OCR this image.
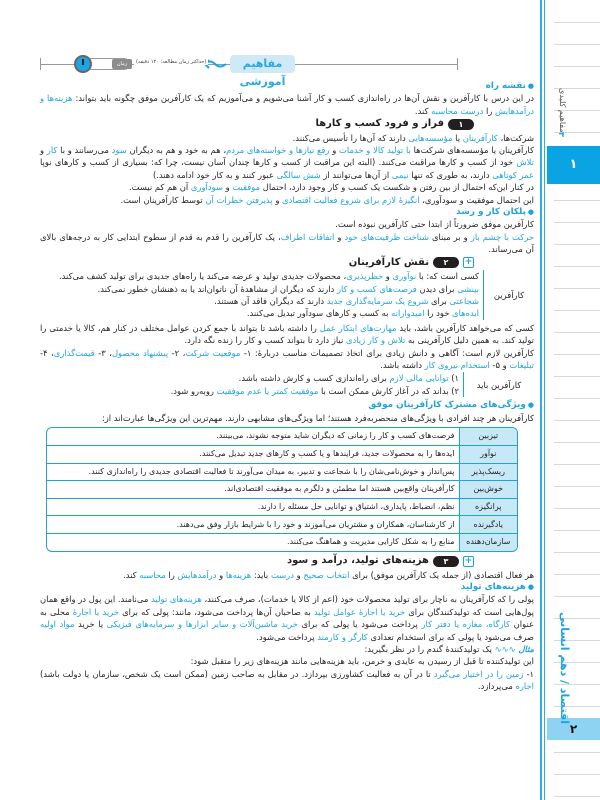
۱
۲
مفاهیم کلیدی
۳
اقتصاد / دهم انسانی
مفاهیم آموزشی
(حداکثر زمان مطالعه: ۱۲۰ دقیقه)
زمان شما
● نقشه راه

در این درس با کارآفرین و نقش آن‌ها در راه‌اندازی کسب و کار آشنا می‌شویم و می‌آموزیم که یک کارآفرین موفق چگونه باید بتواند: هزینه‌ها و درآمدهایش را درست محاسبه کند.

۱
فراز و فرود کسب و کارها

شرکت‌ها، کارآفرینان یا مؤسسه‌هایی دارند که آن‌ها را تأسیس می‌کنند.

کارآفرینان یا مؤسسه‌های شرکت‌ها با تولید کالا و خدمات و رفع نیازها و خواسته‌های مردم، هم به خود و هم به دیگران سود می‌رسانند و با کار و تلاش خود از کسب و کارها مراقبت می‌کنند. (البته این مراقبت از کسب و کارها چندان آسان نیست، چرا که: بسیاری از کسب و کارهای نوپا عمر کوتاهی دارند، به طوری که تنها نیمی از آن‌ها می‌توانند از شش سالگی عبور کنند و به کار خود ادامه دهند.)

در کنار این‌که احتمال از بین رفتن و شکست یک کسب و کار وجود دارد، احتمال موفقیت و سودآوری آن هم کم نیست.

این احتمال موفقیت و سودآوری، انگیزهٔ لازم برای شروع فعالیت اقتصادی و پذیرفتن خطرات آن توسط کارآفرینان است.

● پلکان کار و رشد

کارآفرین موفق ضرورتاً از ابتدا حتی کارآفرین نبوده است.

حرکت با چشم باز و بر مبنای شناخت ظرفیت‌های خود و اتفاقات اطراف، یک کارآفرین را قدم به قدم از سطوح ابتدایی کار به درجه‌های بالای آن می‌رساند.

+
۲
نقش کارآفرینان
کارآفرین

کسی است که: با نوآوری و خطرپذیری، محصولات جدیدی تولید و عرضه می‌کند یا راه‌های جدیدی برای تولید کشف می‌کند.

بینشی برای دیدن فرصت‌های کسب و کار دارند که دیگران از مشاهدهٔ آن ناتوان‌اند یا به ذهنشان خطور نمی‌کند.

شجاعتی برای شروع یک سرمایه‌گذاری جدید دارند که دیگران فاقد آن هستند.

ایده‌های خود را امیدوارانه به کسب و کارهای سودآور تبدیل می‌کنند.

کسی که می‌خواهد کارآفرین باشد، باید مهارت‌های ابتکار عمل را داشته باشد تا بتواند با جمع کردن عوامل مختلف در کنار هم، کالا یا خدمتی را تولید کند. به همین دلیل کارآفرینی به تلاش و کار زیادی نیاز دارد تا بتواند کسب و کار را زنده نگه دارد.

کارآفرین لازم است: آگاهی و دانش زیادی برای اتخاذ تصمیمات مناسب دربارهٔ: ۱- موقعیت شرکت، ۲- پیشنهاد محصول، ۳- قیمت‌گذاری، ۴- تبلیغات و ۵- استخدام نیروی کار داشته باشد.

کارآفرین باید

۱) توانایی مالی لازم برای راه‌اندازی کسب و کارش داشته باشد.

۲) بداند که در آغاز کارش ممکن است با موفقیت کمتر یا عدم موفقیت روبه‌رو شود.

● ویژگی‌های مشترک کارآفرینان موفق

کارآفرینان هر چند افرادی با ویژگی‌های منحصربه‌فرد هستند؛ اما ویژگی‌های مشابهی دارند. مهم‌ترین این ویژگی‌ها عبارت‌اند از:

تیزبین	فرصت‌های کسب و کار را زمانی که دیگران شاید متوجه نشوند، می‌بینند.
نوآور	ایده‌ها را به محصولات جدید، فرایندها و یا کسب و کارهای جدید تبدیل می‌کنند.
ریسک‌پذیر	پس‌انداز و خوش‌نامی‌شان را با شجاعت و تدبیر، به میدان می‌آورند تا فعالیت اقتصادی جدیدی را راه‌اندازی کنند.
خوش‌بین	کارآفرینان واقع‌بین هستند اما مطمئن و دلگرم به موفقیت اقتصادی‌اند.
پرانگیزه	نظم، انضباط، پایداری، اشتیاق و توانایی حل مسئله را دارند.
یادگیرنده	از کارشناسان، همکاران و مشتریان می‌آموزند و خود را با شرایط بازار وفق می‌دهند.
سازمان‌دهنده	منابع را به شکل کارایی مدیریت و هماهنگ می‌کنند.
+
۳
هزینه‌های تولید، درآمد و سود

هر فعال اقتصادی (از جمله یک کارآفرین موفق) برای انتخاب صحیح و درست باید: هزینه‌ها و درآمدهایش را محاسبه کند.

● هزینه‌های تولید

پولی را که کارآفرینان به ناچار برای تولید محصولات خود (اعم از کالا یا خدمات)، صرف می‌کنند، هزینه‌های تولید می‌نامند. این پول در واقع همان پول‌هایی است که تولیدکنندگان برای خرید یا اجارهٔ عوامل تولید به صاحبان آن‌ها پرداخت می‌شود، مانند: پولی که برای خرید یا اجارهٔ محلی به عنوان کارگاه، مغازه یا دفتر کار پرداخت می‌شود یا پولی که برای خرید ماشین‌آلات و سایر ابزارها و سرمایه‌های فیزیکی یا خرید مواد اولیه صرف می‌شود یا پولی که برای استخدام تعدادی کارگر و کارمند پرداخت می‌شود.

مثال ∿∿∿ یک تولیدکنندهٔ گندم را در نظر بگیرید:

این تولیدکننده تا قبل از رسیدن به عایدی و خرمن، باید هزینه‌هایی مانند هزینه‌های زیر را متقبل شود:

۱- زمین را در اختیار می‌گیرد تا در آن به فعالیت کشاورزی بپردازد. در مقابل به صاحب زمین (ممکن است یک شخص، سازمان یا دولت باشد) اجاره می‌پردازد.
